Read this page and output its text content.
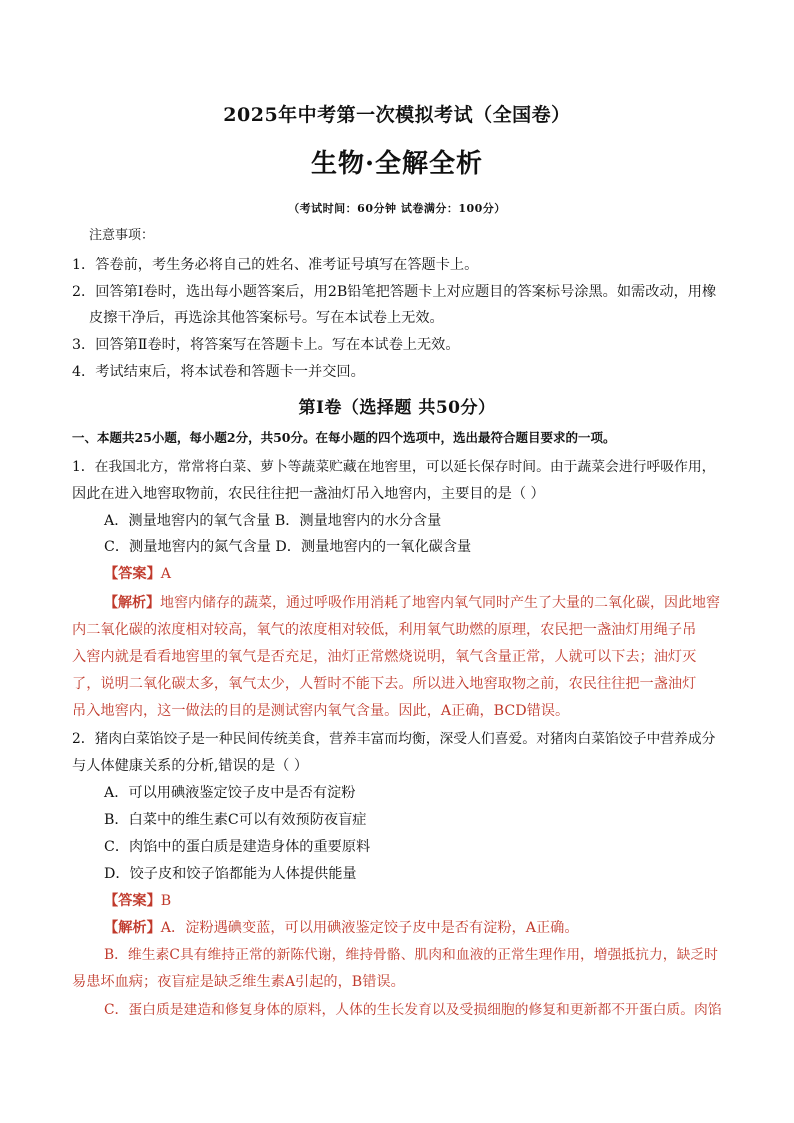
2025年中考第一次模拟考试（全国卷）
生物·全解全析
（考试时间：60分钟 试卷满分：100分）
注意事项：
1．答卷前，考生务必将自己的姓名、准考证号填写在答题卡上。
2．回答第Ⅰ卷时，选出每小题答案后，用2B铅笔把答题卡上对应题目的答案标号涂黑。如需改动，用橡
皮擦干净后，再选涂其他答案标号。写在本试卷上无效。
3．回答第Ⅱ卷时，将答案写在答题卡上。写在本试卷上无效。
4．考试结束后，将本试卷和答题卡一并交回。
第Ⅰ卷（选择题 共50分）
一、本题共25小题，每小题2分，共50分。在每小题的四个选项中，选出最符合题目要求的一项。
1．在我国北方，常常将白菜、萝卜等蔬菜贮藏在地窖里，可以延长保存时间。由于蔬菜会进行呼吸作用，
因此在进入地窖取物前，农民往往把一盏油灯吊入地窖内，主要目的是（ ）
A．测量地窖内的氧气含量 B．测量地窖内的水分含量
C．测量地窖内的氮气含量 D．测量地窖内的一氧化碳含量
【答案】A
【解析】地窖内储存的蔬菜，通过呼吸作用消耗了地窖内氧气同时产生了大量的二氧化碳，因此地窖
内二氧化碳的浓度相对较高，氧气的浓度相对较低，利用氧气助燃的原理，农民把一盏油灯用绳子吊
入窖内就是看看地窖里的氧气是否充足，油灯正常燃烧说明，氧气含量正常，人就可以下去；油灯灭
了，说明二氧化碳太多，氧气太少，人暂时不能下去。所以进入地窖取物之前，农民往往把一盏油灯
吊入地窖内，这一做法的目的是测试窖内氧气含量。因此，A正确，BCD错误。
2．猪肉白菜馅饺子是一种民间传统美食，营养丰富而均衡，深受人们喜爱。对猪肉白菜馅饺子中营养成分
与人体健康关系的分析,错误的是（ ）
A．可以用碘液鉴定饺子皮中是否有淀粉
B．白菜中的维生素C可以有效预防夜盲症
C．肉馅中的蛋白质是建造身体的重要原料
D．饺子皮和饺子馅都能为人体提供能量
【答案】B
【解析】A．淀粉遇碘变蓝，可以用碘液鉴定饺子皮中是否有淀粉，A正确。
B．维生素C具有维持正常的新陈代谢，维持骨骼、肌肉和血液的正常生理作用，增强抵抗力，缺乏时
易患坏血病；夜盲症是缺乏维生素A引起的，B错误。
C．蛋白质是建造和修复身体的原料，人体的生长发育以及受损细胞的修复和更新都不开蛋白质。肉馅
